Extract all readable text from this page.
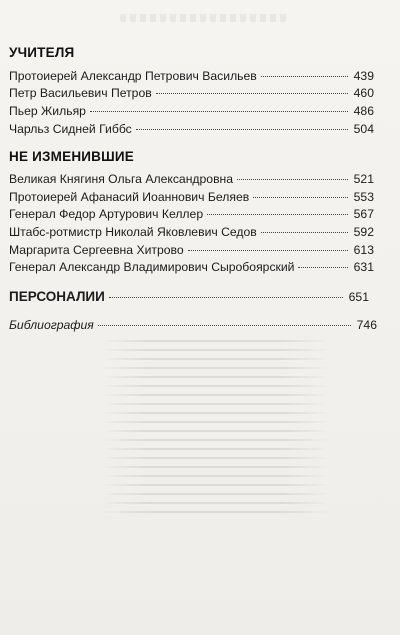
УЧИТЕЛЯ
Протоиерей Александр Петрович Васильев	439
Петр Васильевич Петров	460
Пьер Жильяр	486
Чарльз Сидней Гиббс	504
НЕ ИЗМЕНИВШИЕ
Великая Княгиня Ольга Александровна	521
Протоиерей Афанасий Иоаннович Беляев	553
Генерал Федор Артурович Келлер	567
Штабс-ротмистр Николай Яковлевич Седов	592
Маргарита Сергеевна Хитрово	613
Генерал Александр Владимирович Сыробоярский	631
ПЕРСОНАЛИИ	651
Библиография	746
